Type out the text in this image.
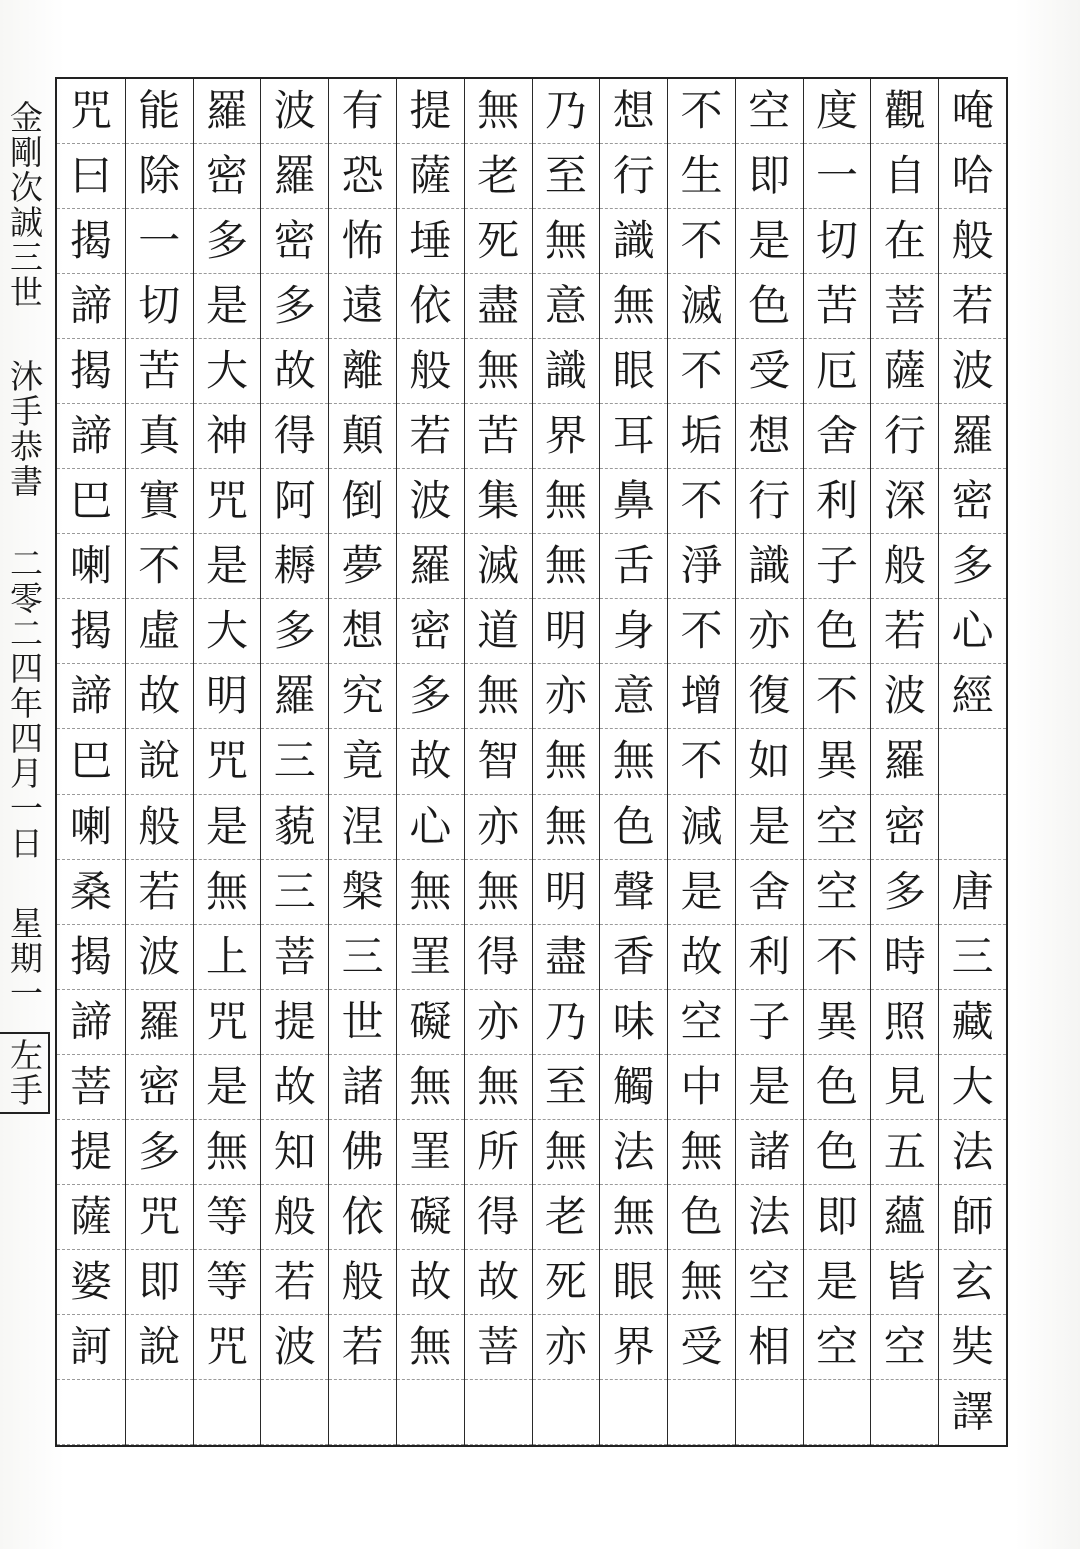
唵
哈
般
若
波
羅
密
多
心
經
唐
三
藏
大
法
師
玄
奘
譯
觀
自
在
菩
薩
行
深
般
若
波
羅
密
多
時
照
見
五
蘊
皆
空
度
一
切
苦
厄
舍
利
子
色
不
異
空
空
不
異
色
色
即
是
空
空
即
是
色
受
想
行
識
亦
復
如
是
舍
利
子
是
諸
法
空
相
不
生
不
滅
不
垢
不
淨
不
增
不
減
是
故
空
中
無
色
無
受
想
行
識
無
眼
耳
鼻
舌
身
意
無
色
聲
香
味
觸
法
無
眼
界
乃
至
無
意
識
界
無
無
明
亦
無
無
明
盡
乃
至
無
老
死
亦
無
老
死
盡
無
苦
集
滅
道
無
智
亦
無
得
亦
無
所
得
故
菩
提
薩
埵
依
般
若
波
羅
密
多
故
心
無
罣
礙
無
罣
礙
故
無
有
恐
怖
遠
離
顛
倒
夢
想
究
竟
涅
槃
三
世
諸
佛
依
般
若
波
羅
密
多
故
得
阿
耨
多
羅
三
藐
三
菩
提
故
知
般
若
波
羅
密
多
是
大
神
咒
是
大
明
咒
是
無
上
咒
是
無
等
等
咒
能
除
一
切
苦
真
實
不
虛
故
說
般
若
波
羅
密
多
咒
即
說
咒
曰
揭
諦
揭
諦
巴
喇
揭
諦
巴
喇
桑
揭
諦
菩
提
薩
婆
訶
金剛次誠三世  沐手恭書  二零二四年四月一日  星期一 左手
